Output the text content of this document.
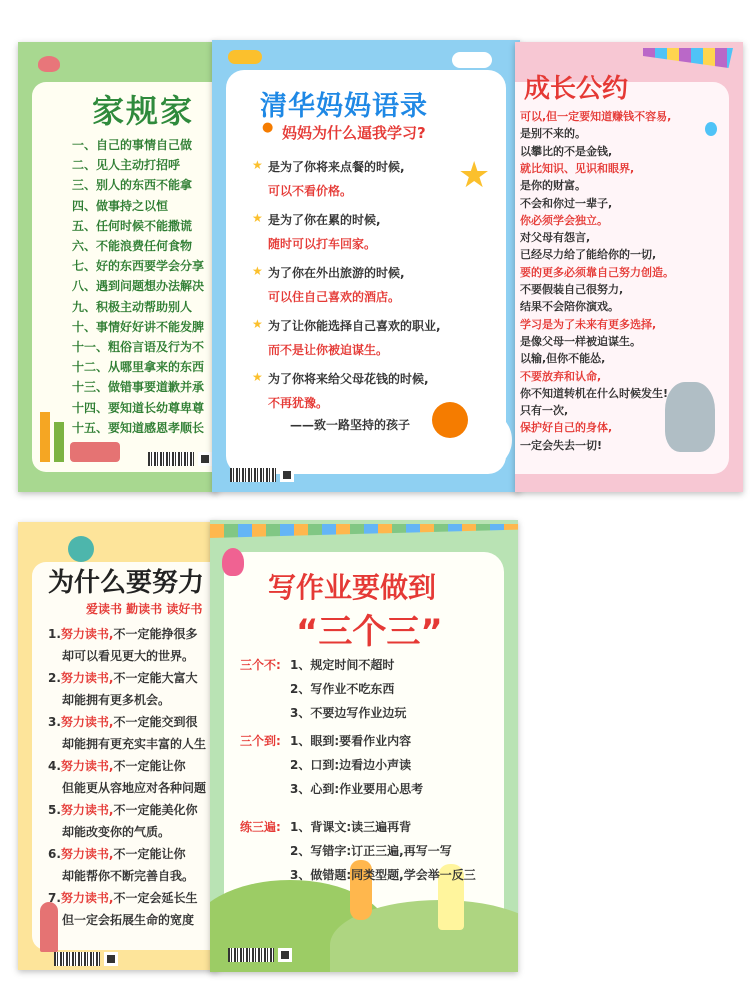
家规家
一、自己的事情自己做
二、见人主动打招呼
三、别人的东西不能拿
四、做事持之以恒
五、任何时候不能撒谎
六、不能浪费任何食物
七、好的东西要学会分享
八、遇到问题想办法解决
九、积极主动帮助别人
十、事情好好讲不能发脾
十一、粗俗言语及行为不
十二、从哪里拿来的东西
十三、做错事要道歉并承
十四、要知道长幼尊卑尊
十五、要知道感恩孝顺长
★
清华妈妈语录
● 妈妈为什么逼我学习?
★ 是为了你将来点餐的时候,
可以不看价格。
★ 是为了你在累的时候,
随时可以打车回家。
★ 为了你在外出旅游的时候,
可以住自己喜欢的酒店。
★ 为了让你能选择自己喜欢的职业,
而不是让你被迫谋生。
★ 为了你将来给父母花钱的时候,
不再犹豫。
——致一路坚持的孩子
成长公约
可以,但一定要知道赚钱不容易,
是别不来的。
以攀比的不是金钱,
就比知识、见识和眼界,
是你的财富。
不会和你过一辈子,
你必须学会独立。
对父母有怨言,
已经尽力给了能给你的一切,
要的更多必须靠自己努力创造。
不要假装自己很努力,
结果不会陪你演戏。
学习是为了未来有更多选择,
是像父母一样被迫谋生。
以输,但你不能怂,
不要放弃和认命,
你不知道转机在什么时候发生!
只有一次,
保护好自己的身体,
一定会失去一切!
为什么要努力
爱读书 勤读书 读好书
1.努力读书,不一定能挣很多
却可以看见更大的世界。
2.努力读书,不一定能大富大
却能拥有更多机会。
3.努力读书,不一定能交到很
却能拥有更充实丰富的人生
4.努力读书,不一定能让你
但能更从容地应对各种问题
5.努力读书,不一定能美化你
却能改变你的气质。
6.努力读书,不一定能让你
却能帮你不断完善自我。
7.努力读书,不一定会延长生
但一定会拓展生命的宽度
写作业要做到
“三个三”
三个不: 1、规定时间不超时
2、写作业不吃东西
3、不要边写作业边玩
三个到: 1、眼到:要看作业内容
2、口到:边看边小声读
3、心到:作业要用心思考
练三遍: 1、背课文:读三遍再背
2、写错字:订正三遍,再写一写
3、做错题:同类型题,学会举一反三
